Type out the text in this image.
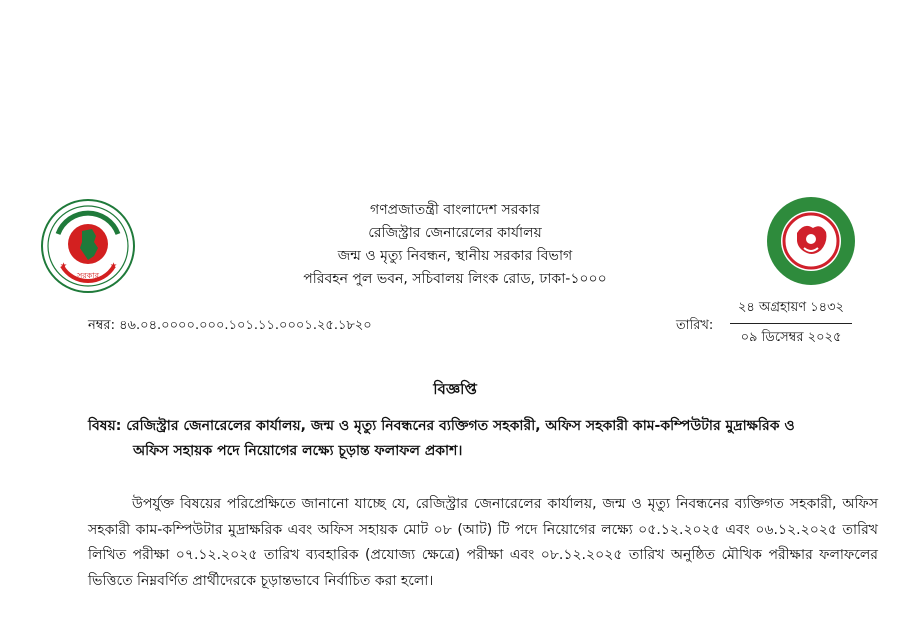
সরকার
★	★
গণপ্রজাতন্ত্রী বাংলাদেশ সরকার
রেজিস্ট্রার জেনারেলের কার্যালয়
জন্ম ও মৃত্যু নিবন্ধন, স্থানীয় সরকার বিভাগ
পরিবহন পুল ভবন, সচিবালয় লিংক রোড, ঢাকা-১০০০
নম্বর: ৪৬.০৪.০০০০.০০০.১০১.১১.০০০১.২৫.১৮২০	তারিখ:
২৪ অগ্রহায়ণ ১৪৩২
০৯ ডিসেম্বর ২০২৫
বিজ্ঞপ্তি
বিষয়: রেজিস্ট্রার জেনারেলের কার্যালয়, জন্ম ও মৃত্যু নিবন্ধনের ব্যক্তিগত সহকারী, অফিস সহকারী কাম-কম্পিউটার মুদ্রাক্ষরিক ও
অফিস সহায়ক পদে নিয়োগের লক্ষ্যে চূড়ান্ত ফলাফল প্রকাশ।

উপর্যুক্ত বিষয়ের পরিপ্রেক্ষিতে জানানো যাচ্ছে যে, রেজিস্ট্রার জেনারেলের কার্যালয়, জন্ম ও মৃত্যু নিবন্ধনের ব্যক্তিগত সহকারী, অফিস সহকারী কাম-কম্পিউটার মুদ্রাক্ষরিক এবং অফিস সহায়ক মোট ০৮ (আট) টি পদে নিয়োগের লক্ষ্যে ০৫.১২.২০২৫ এবং ০৬.১২.২০২৫ তারিখ লিখিত পরীক্ষা ০৭.১২.২০২৫ তারিখ ব্যবহারিক (প্রযোজ্য ক্ষেত্রে) পরীক্ষা এবং ০৮.১২.২০২৫ তারিখ অনুষ্ঠিত মৌখিক পরীক্ষার ফলাফলের ভিত্তিতে নিম্নবর্ণিত প্রার্থীদেরকে চূড়ান্তভাবে নির্বাচিত করা হলো।
